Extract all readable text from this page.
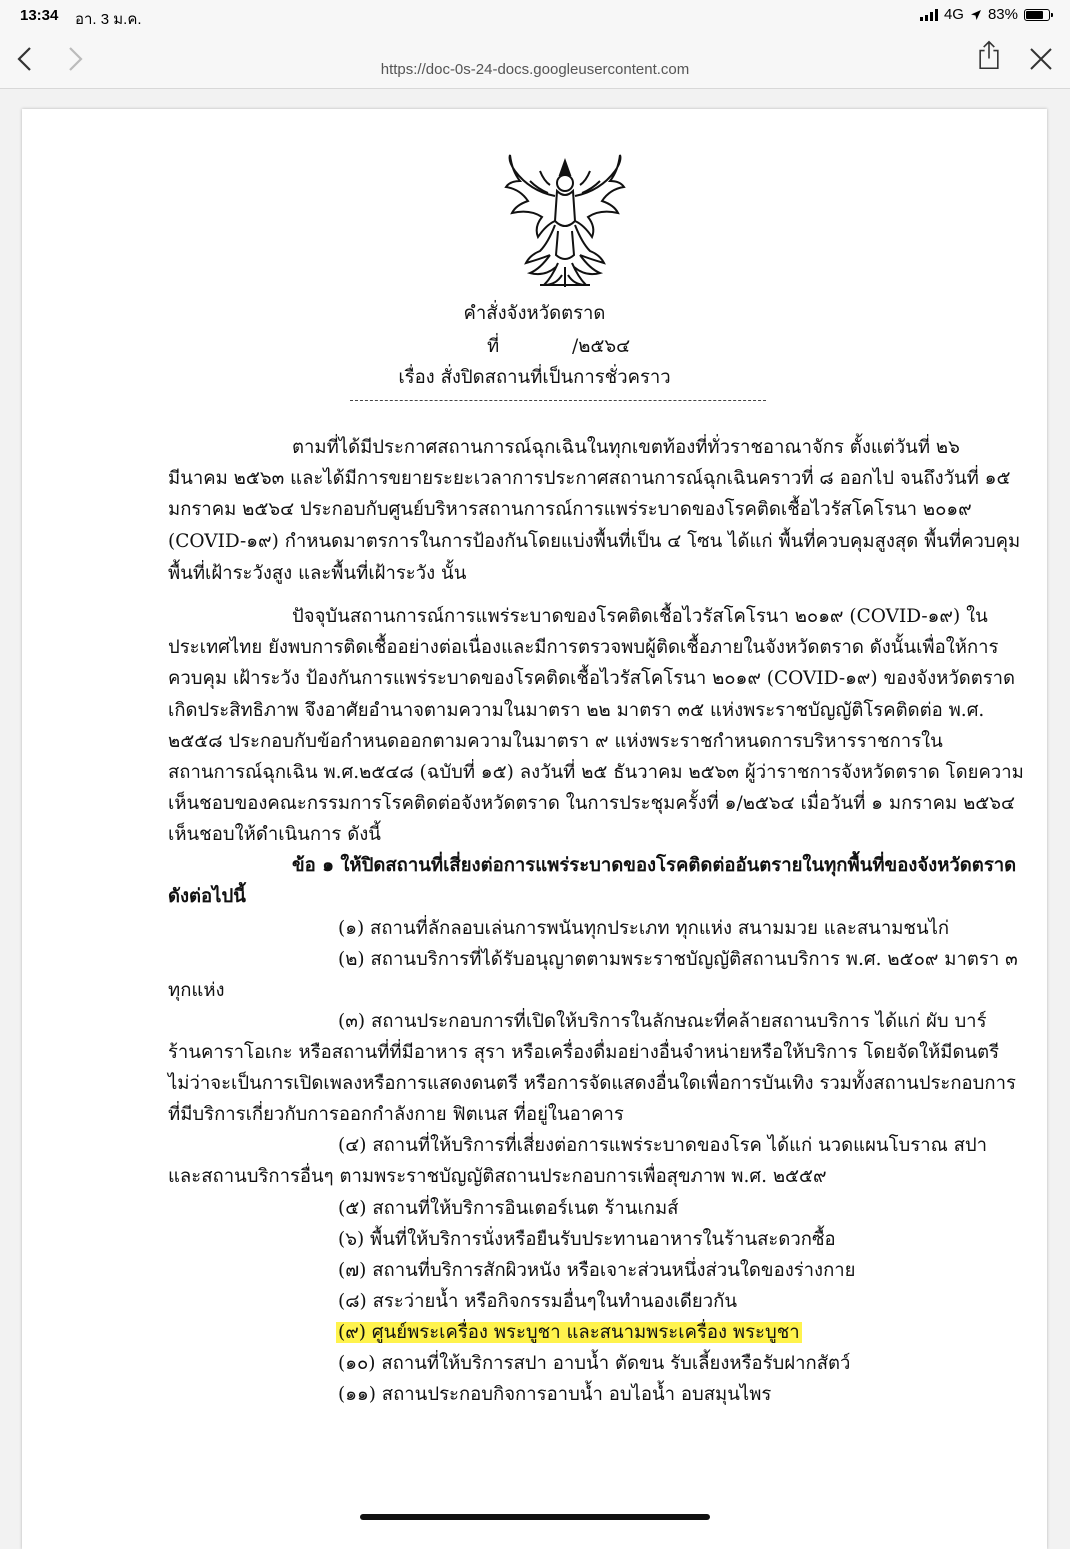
13:34 อา. 3 ม.ค.	4G 83%
https://doc-0s-24-docs.googleusercontent.com
คำสั่งจังหวัดตราด
ที่	/๒๕๖๔
เรื่อง สั่งปิดสถานที่เป็นการชั่วคราว
ตามที่ได้มีประกาศสถานการณ์ฉุกเฉินในทุกเขตท้องที่ทั่วราชอาณาจักร ตั้งแต่วันที่ ๒๖
มีนาคม ๒๕๖๓ และได้มีการขยายระยะเวลาการประกาศสถานการณ์ฉุกเฉินคราวที่ ๘ ออกไป จนถึงวันที่ ๑๕
มกราคม ๒๕๖๔ ประกอบกับศูนย์บริหารสถานการณ์การแพร่ระบาดของโรคติดเชื้อไวรัสโคโรนา ๒๐๑๙
(COVID-๑๙) กำหนดมาตรการในการป้องกันโดยแบ่งพื้นที่เป็น ๔ โซน ได้แก่ พื้นที่ควบคุมสูงสุด พื้นที่ควบคุม
พื้นที่เฝ้าระวังสูง และพื้นที่เฝ้าระวัง นั้น
ปัจจุบันสถานการณ์การแพร่ระบาดของโรคติดเชื้อไวรัสโคโรนา ๒๐๑๙ (COVID-๑๙) ใน
ประเทศไทย ยังพบการติดเชื้ออย่างต่อเนื่องและมีการตรวจพบผู้ติดเชื้อภายในจังหวัดตราด ดังนั้นเพื่อให้การ
ควบคุม เฝ้าระวัง ป้องกันการแพร่ระบาดของโรคติดเชื้อไวรัสโคโรนา ๒๐๑๙ (COVID-๑๙) ของจังหวัดตราด
เกิดประสิทธิภาพ จึงอาศัยอำนาจตามความในมาตรา ๒๒ มาตรา ๓๕ แห่งพระราชบัญญัติโรคติดต่อ พ.ศ.
๒๕๕๘ ประกอบกับข้อกำหนดออกตามความในมาตรา ๙ แห่งพระราชกำหนดการบริหารราชการใน
สถานการณ์ฉุกเฉิน พ.ศ.๒๕๔๘ (ฉบับที่ ๑๕) ลงวันที่ ๒๕ ธันวาคม ๒๕๖๓ ผู้ว่าราชการจังหวัดตราด โดยความ
เห็นชอบของคณะกรรมการโรคติดต่อจังหวัดตราด ในการประชุมครั้งที่ ๑/๒๕๖๔ เมื่อวันที่ ๑ มกราคม ๒๕๖๔
เห็นชอบให้ดำเนินการ ดังนี้
ข้อ ๑ ให้ปิดสถานที่เสี่ยงต่อการแพร่ระบาดของโรคติดต่ออันตรายในทุกพื้นที่ของจังหวัดตราด
ดังต่อไปนี้
(๑) สถานที่ลักลอบเล่นการพนันทุกประเภท ทุกแห่ง สนามมวย และสนามชนไก่
(๒) สถานบริการที่ได้รับอนุญาตตามพระราชบัญญัติสถานบริการ พ.ศ. ๒๕๐๙ มาตรา ๓
ทุกแห่ง
(๓) สถานประกอบการที่เปิดให้บริการในลักษณะที่คล้ายสถานบริการ ได้แก่ ผับ บาร์
ร้านคาราโอเกะ หรือสถานที่ที่มีอาหาร สุรา หรือเครื่องดื่มอย่างอื่นจำหน่ายหรือให้บริการ โดยจัดให้มีดนตรี
ไม่ว่าจะเป็นการเปิดเพลงหรือการแสดงดนตรี หรือการจัดแสดงอื่นใดเพื่อการบันเทิง รวมทั้งสถานประกอบการ
ที่มีบริการเกี่ยวกับการออกกำลังกาย ฟิตเนส ที่อยู่ในอาคาร
(๔) สถานที่ให้บริการที่เสี่ยงต่อการแพร่ระบาดของโรค ได้แก่ นวดแผนโบราณ สปา
และสถานบริการอื่นๆ ตามพระราชบัญญัติสถานประกอบการเพื่อสุขภาพ พ.ศ. ๒๕๕๙
(๕) สถานที่ให้บริการอินเตอร์เนต ร้านเกมส์
(๖) พื้นที่ให้บริการนั่งหรือยืนรับประทานอาหารในร้านสะดวกซื้อ
(๗) สถานที่บริการสักผิวหนัง หรือเจาะส่วนหนึ่งส่วนใดของร่างกาย
(๘) สระว่ายน้ำ หรือกิจกรรมอื่นๆในทำนองเดียวกัน
(๙) ศูนย์พระเครื่อง พระบูชา และสนามพระเครื่อง พระบูชา
(๑๐) สถานที่ให้บริการสปา อาบน้ำ ตัดขน รับเลี้ยงหรือรับฝากสัตว์
(๑๑) สถานประกอบกิจการอาบน้ำ อบไอน้ำ อบสมุนไพร
